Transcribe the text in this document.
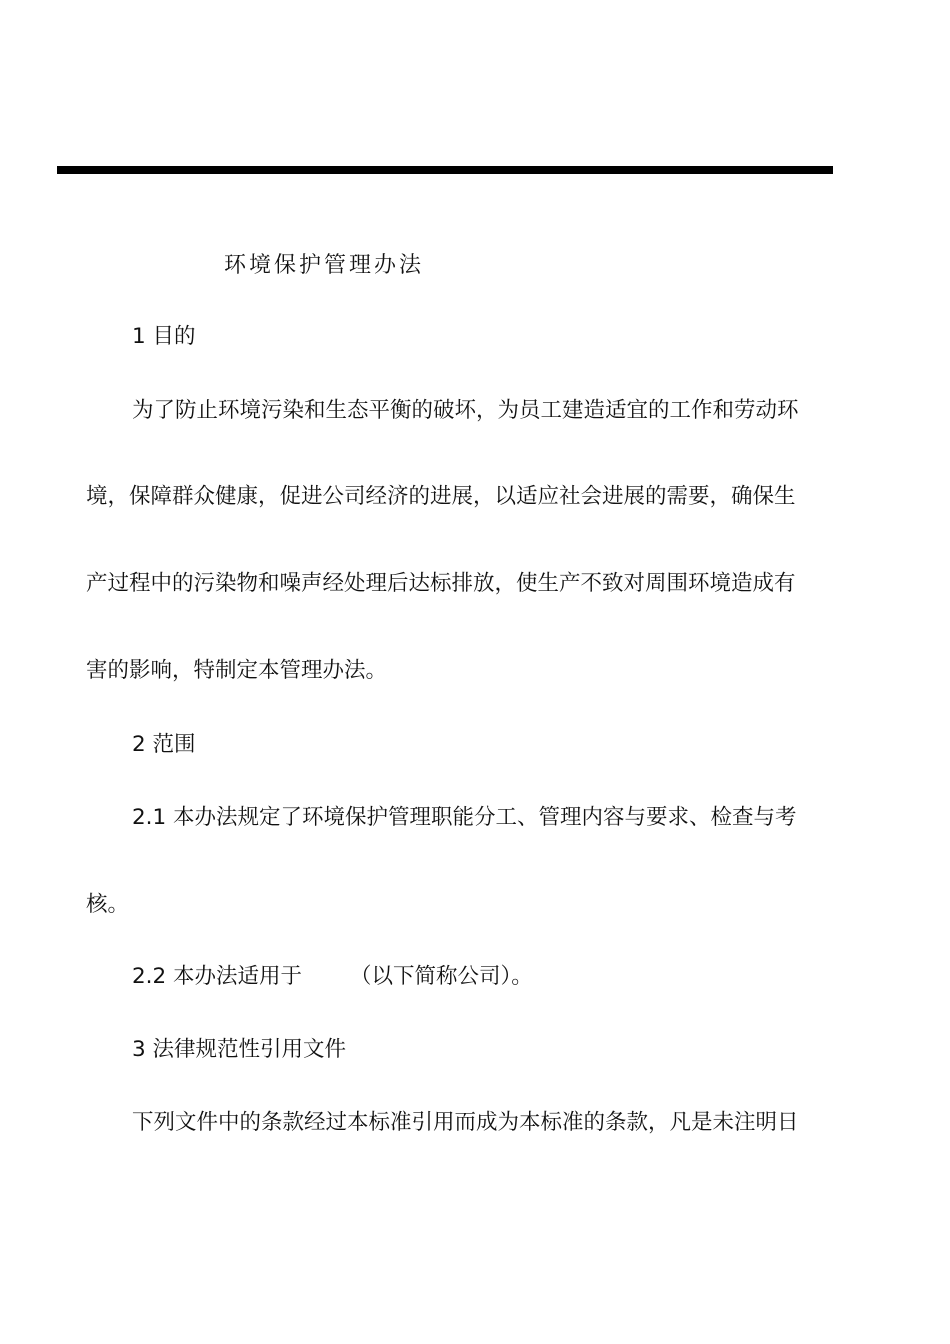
环境保护管理办法

1 目的

为了防止环境污染和生态平衡的破坏，为员工建造适宜的工作和劳动环

境，保障群众健康，促进公司经济的进展，以适应社会进展的需要，确保生

产过程中的污染物和噪声经处理后达标排放，使生产不致对周围环境造成有

害的影响，特制定本管理办法。

2 范围

2.1 本办法规定了环境保护管理职能分工、管理内容与要求、检查与考

核。

2.2 本办法适用于 （以下简称公司）。

3 法律规范性引用文件

下列文件中的条款经过本标准引用而成为本标准的条款，凡是未注明日
